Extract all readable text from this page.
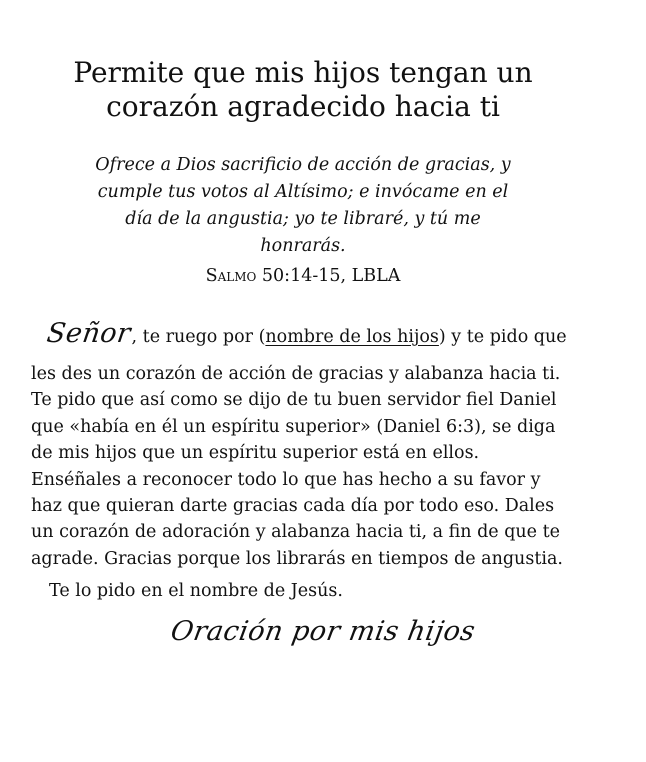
Permite que mis hijos tengan un
corazón agradecido hacia ti

Ofrece a Dios sacrificio de acción de gracias, y
cumple tus votos al Altísimo; e invócame en el
día de la angustia; yo te libraré, y tú me
honrarás.

Salmo 50:14-15, LBLA

Señor, te ruego por (nombre de los hijos) y te pido que

les des un corazón de acción de gracias y alabanza hacia ti.
Te pido que así como se dijo de tu buen servidor fiel Daniel
que «había en él un espíritu superior» (Daniel 6:3), se diga
de mis hijos que un espíritu superior está en ellos.
Enséñales a reconocer todo lo que has hecho a su favor y
haz que quieran darte gracias cada día por todo eso. Dales
un corazón de adoración y alabanza hacia ti, a fin de que te
agrade. Gracias porque los librarás en tiempos de angustia.

Te lo pido en el nombre de Jesús.
Oración por mis hijos
